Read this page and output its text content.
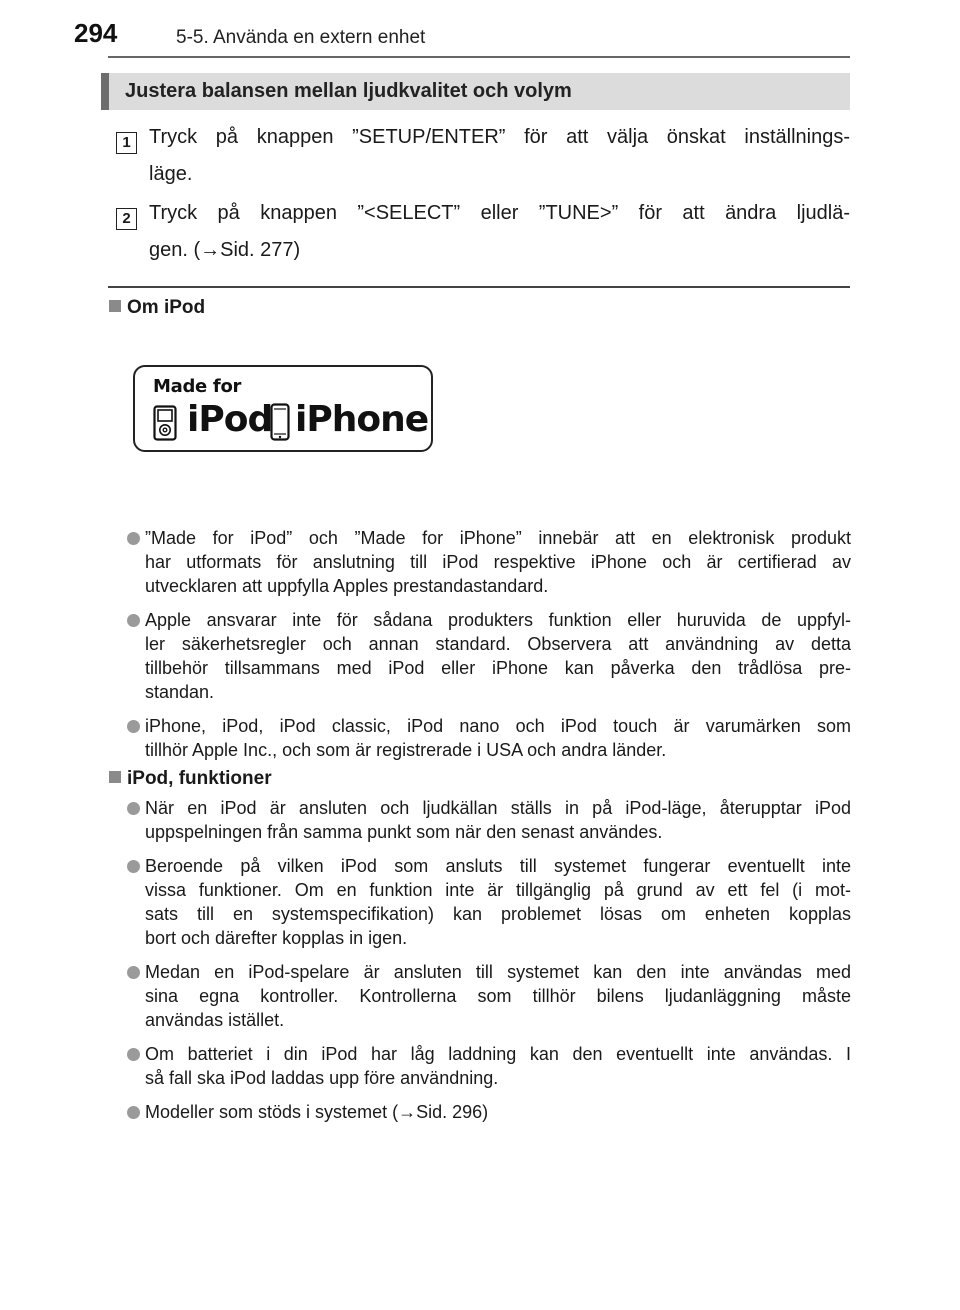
294	5-5. Använda en extern enhet
Justera balansen mellan ljudkvalitet och volym
1 Tryck på knappen ”SETUP/ENTER” för att välja önskat inställnings-
läge.
2 Tryck på knappen ”<SELECT” eller ”TUNE>” för att ändra ljudlä-
gen. (→Sid. 277)
Om iPod
Made for
iPod iPhone
”Made for iPod” och ”Made for iPhone” innebär att en elektronisk produkt
har utformats för anslutning till iPod respektive iPhone och är certifierad av
utvecklaren att uppfylla Apples prestandastandard.
Apple ansvarar inte för sådana produkters funktion eller huruvida de uppfyl-
ler säkerhetsregler och annan standard. Observera att användning av detta
tillbehör tillsammans med iPod eller iPhone kan påverka den trådlösa pre-
standan.
iPhone, iPod, iPod classic, iPod nano och iPod touch är varumärken som
tillhör Apple Inc., och som är registrerade i USA och andra länder.
iPod, funktioner
När en iPod är ansluten och ljudkällan ställs in på iPod-läge, återupptar iPod
uppspelningen från samma punkt som när den senast användes.
Beroende på vilken iPod som ansluts till systemet fungerar eventuellt inte
vissa funktioner. Om en funktion inte är tillgänglig på grund av ett fel (i mot-
sats till en systemspecifikation) kan problemet lösas om enheten kopplas
bort och därefter kopplas in igen.
Medan en iPod-spelare är ansluten till systemet kan den inte användas med
sina egna kontroller. Kontrollerna som tillhör bilens ljudanläggning måste
användas istället.
Om batteriet i din iPod har låg laddning kan den eventuellt inte användas. I
så fall ska iPod laddas upp före användning.
Modeller som stöds i systemet (→Sid. 296)
